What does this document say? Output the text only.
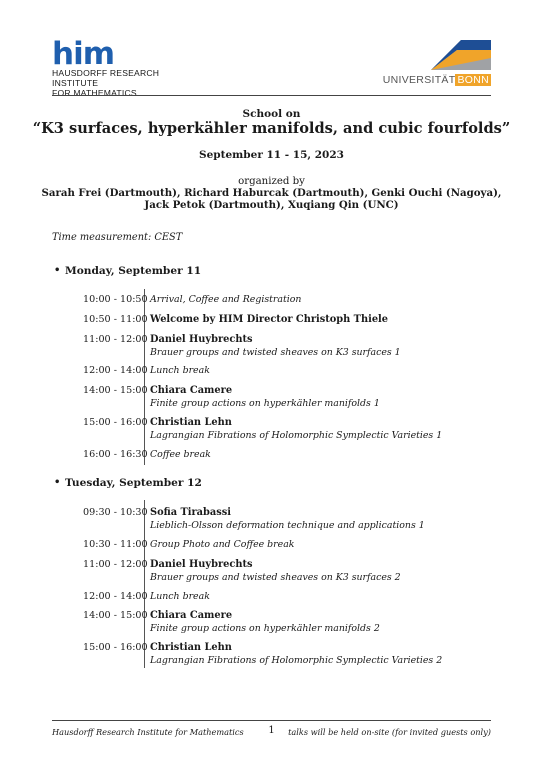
him
HAUSDORFF RESEARCH INSTITUTE
FOR MATHEMATICS
UNIVERSITÄT BONN
School on
“K3 surfaces, hyperkähler manifolds, and cubic fourfolds”
September 11 - 15, 2023
organized by
Sarah Frei (Dartmouth), Richard Haburcak (Dartmouth), Genki Ouchi (Nagoya),
Jack Petok (Dartmouth), Xuqiang Qin (UNC)
Time measurement: CEST
• Monday, September 11
10:00 - 10:50 Arrival, Coffee and Registration
10:50 - 11:00 Welcome by HIM Director Christoph Thiele
11:00 - 12:00 Daniel Huybrechts
Brauer groups and twisted sheaves on K3 surfaces 1
12:00 - 14:00 Lunch break
14:00 - 15:00 Chiara Camere
Finite group actions on hyperkähler manifolds 1
15:00 - 16:00 Christian Lehn
Lagrangian Fibrations of Holomorphic Symplectic Varieties 1
16:00 - 16:30 Coffee break
• Tuesday, September 12
09:30 - 10:30 Sofia Tirabassi
Lieblich-Olsson deformation technique and applications 1
10:30 - 11:00 Group Photo and Coffee break
11:00 - 12:00 Daniel Huybrechts
Brauer groups and twisted sheaves on K3 surfaces 2
12:00 - 14:00 Lunch break
14:00 - 15:00 Chiara Camere
Finite group actions on hyperkähler manifolds 2
15:00 - 16:00 Christian Lehn
Lagrangian Fibrations of Holomorphic Symplectic Varieties 2
Hausdorff Research Institute for Mathematics	1	talks will be held on-site (for invited guests only)
